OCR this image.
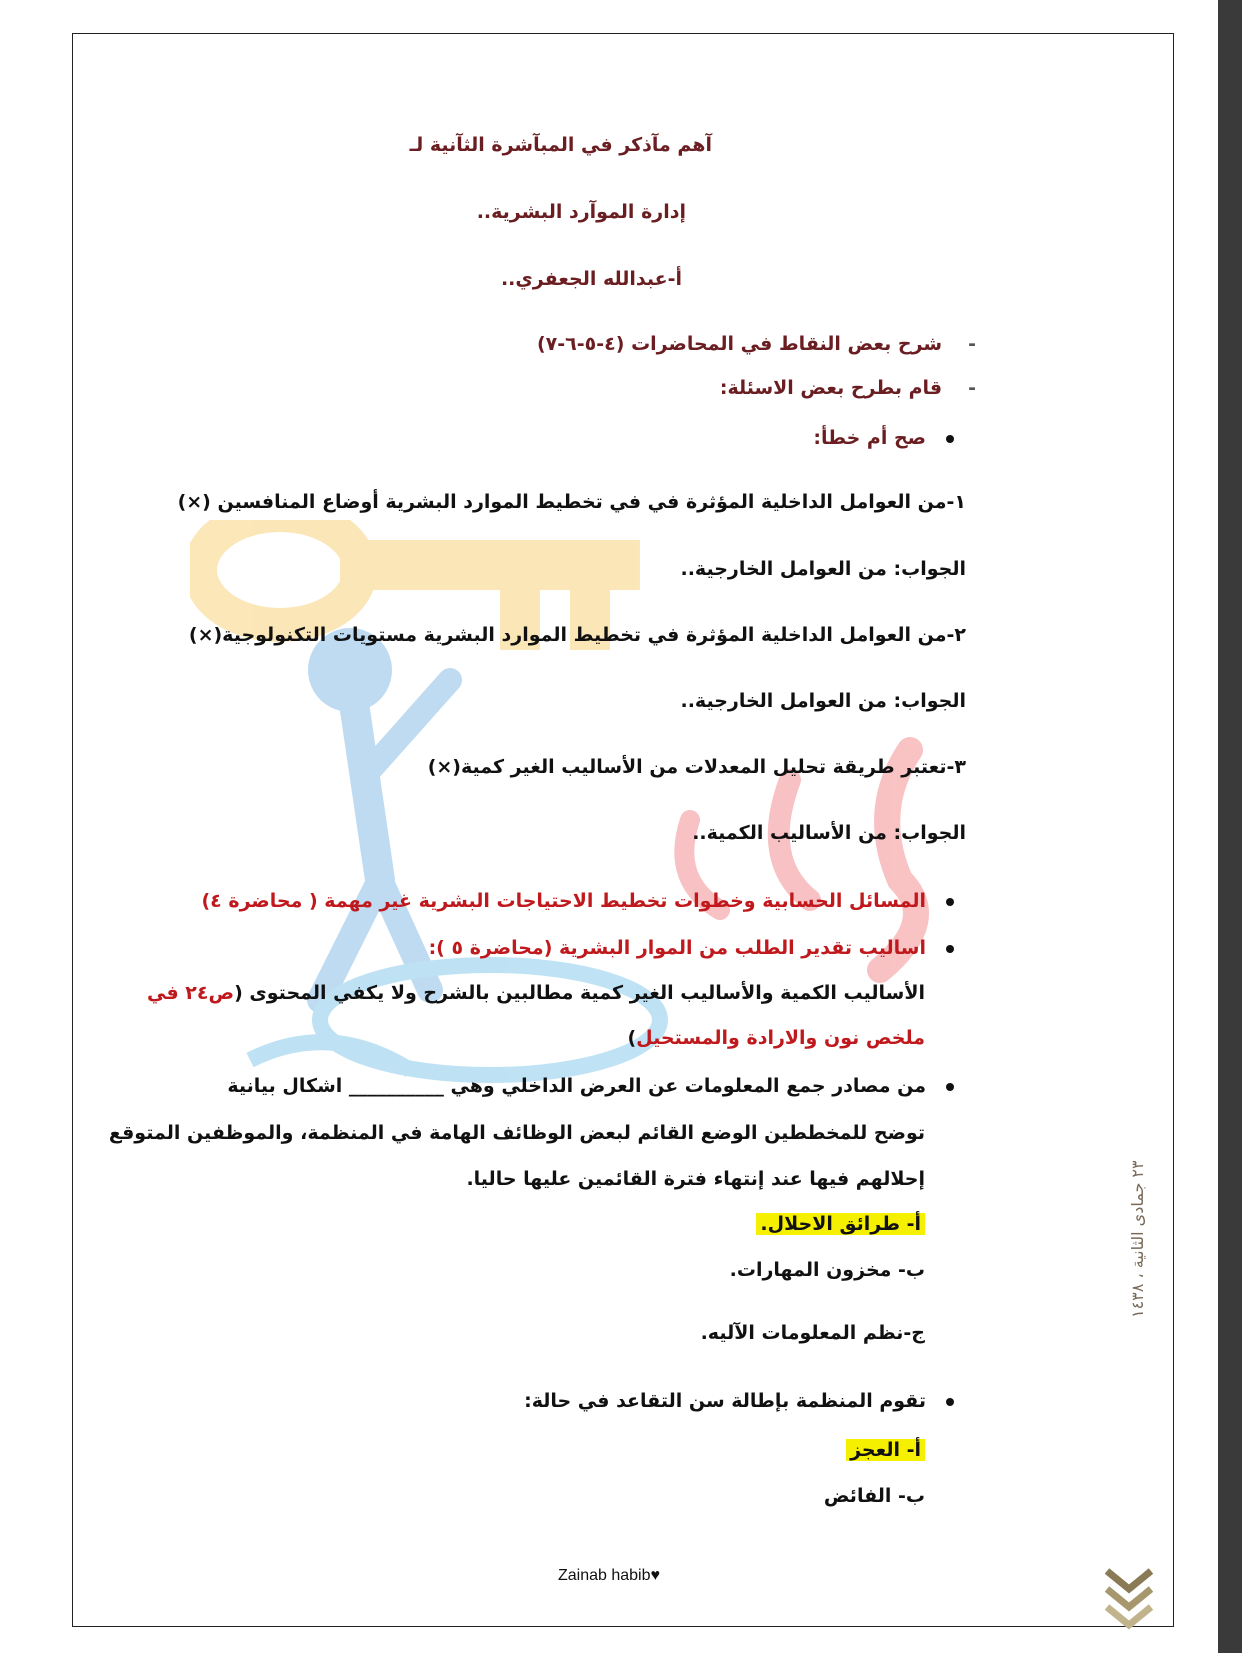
آهم مآذكر في المبآشرة الثآنية لـ
إدارة الموآرد البشرية..
أ-عبدالله الجعفري..
-شرح بعض النقاط في المحاضرات (٤-٥-٦-٧)
-قام بطرح بعض الاسئلة:
صح أم خطأ:
١-من العوامل الداخلية المؤثرة في في تخطيط الموارد البشرية أوضاع المنافسين (×)
الجواب: من العوامل الخارجية..
٢-من العوامل الداخلية المؤثرة في تخطيط الموارد البشرية مستويات التكنولوجية(×)
الجواب: من العوامل الخارجية..
٣-تعتبر طريقة تحليل المعدلات من الأساليب الغير كمية(×)
الجواب: من الأساليب الكمية..
المسائل الحسابية وخطوات تخطيط الاحتياجات البشرية غير مهمة ( محاضرة ٤)
اساليب تقدير الطلب من الموار البشرية (محاضرة ٥ ):
الأساليب الكمية والأساليب الغير كمية مطالبين بالشرح ولا يكفي المحتوى (ص٢٤ في
ملخص نون والارادة والمستحيل)
من مصادر جمع المعلومات عن العرض الداخلي وهي __________ اشكال بيانية
توضح للمخططين الوضع القائم لبعض الوظائف الهامة في المنظمة، والموظفين المتوقع
إحلالهم فيها عند إنتهاء فترة القائمين عليها حاليا.
أ- طرائق الاحلال.
ب- مخزون المهارات.
ج-نظم المعلومات الآليه.
تقوم المنظمة بإطالة سن التقاعد في حالة:
أ- العجز
ب- الفائض
٢٣ جمادى الثانية ، ١٤٣٨
Zainab habib♥
